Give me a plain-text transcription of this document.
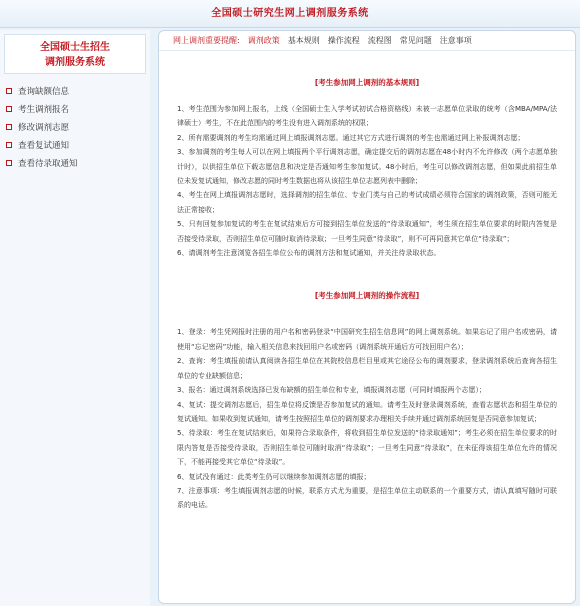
全国硕士研究生网上调剂服务系统
全国硕士生招生
调剂服务系统
查询缺额信息
考生调剂报名
修改调剂志愿
查看复试通知
查看待录取通知
网上调剂重要提醒: 调剂政策 基本规则 操作流程 流程图 常见问题 注意事项
[考生参加网上调剂的基本规则]

1、考生范围为参加网上报名，上线（全国硕士生入学考试初试合格资格线）未被一志愿单位录取的统考（含MBA/MPA/法律硕士）考生，不在此范围内的考生没有进入调剂系统的权限；

2、所有需要调剂的考生均需通过网上填报调剂志愿。通过其它方式进行调剂的考生也需通过网上补报调剂志愿；

3、参加调剂的考生每人可以在网上填报两个平行调剂志愿，确定提交后的调剂志愿在48小时内不允许修改（两个志愿单独计时），以供招生单位下载志愿信息和决定是否通知考生参加复试。48小时后，考生可以修改调剂志愿，但如果此前招生单位未发复试通知，修改志愿的同时考生数据也将从该招生单位志愿列表中删除；

4、考生在网上填报调剂志愿时，选择调剂的招生单位、专业门类与自己的考试成绩必须符合国家的调剂政策，否则可能无法正常接收；

5、只有回复参加复试的考生在复试结束后方可接到招生单位发送的“待录取通知”，考生须在招生单位要求的时限内答复是否接受待录取，否则招生单位可随时取消待录取；一旦考生同意“待录取”，则不可再同意其它单位“待录取”；

6、请调剂考生注意浏览各招生单位公布的调剂方法和复试通知，并关注待录取状态。

[考生参加网上调剂的操作流程]

1、登录：考生凭网报时注册的用户名和密码登录“中国研究生招生信息网”的网上调剂系统。如果忘记了用户名或密码，请使用“忘记密码”功能，输入相关信息来找回用户名或密码（调剂系统开通后方可找回用户名）；

2、查询：考生填报前请认真阅读各招生单位在其院校信息栏目里或其它途径公布的调剂要求，登录调剂系统后查询各招生单位的专业缺额信息；

3、报名：通过调剂系统选择已发布缺额的招生单位和专业，填报调剂志愿（可同时填报两个志愿）；

4、复试：提交调剂志愿后，招生单位将反馈是否参加复试的通知。请考生及时登录调剂系统，查看志愿状态和招生单位的复试通知。如果收到复试通知，请考生按照招生单位的调剂要求办理相关手续并通过调剂系统回复是否同意参加复试；

5、待录取：考生在复试结束后，如果符合录取条件，将收到招生单位发送的“待录取通知”；考生必须在招生单位要求的时限内答复是否接受待录取，否则招生单位可随时取消“待录取”；一旦考生同意“待录取”，在未征得该招生单位允许的情况下，不能再接受其它单位“待录取”。

6、复试没有通过：此类考生仍可以继续参加调剂志愿的填报；

7、注意事项：考生填报调剂志愿的时候，联系方式尤为重要，是招生单位主动联系的一个重要方式，请认真填写随时可联系的电话。
